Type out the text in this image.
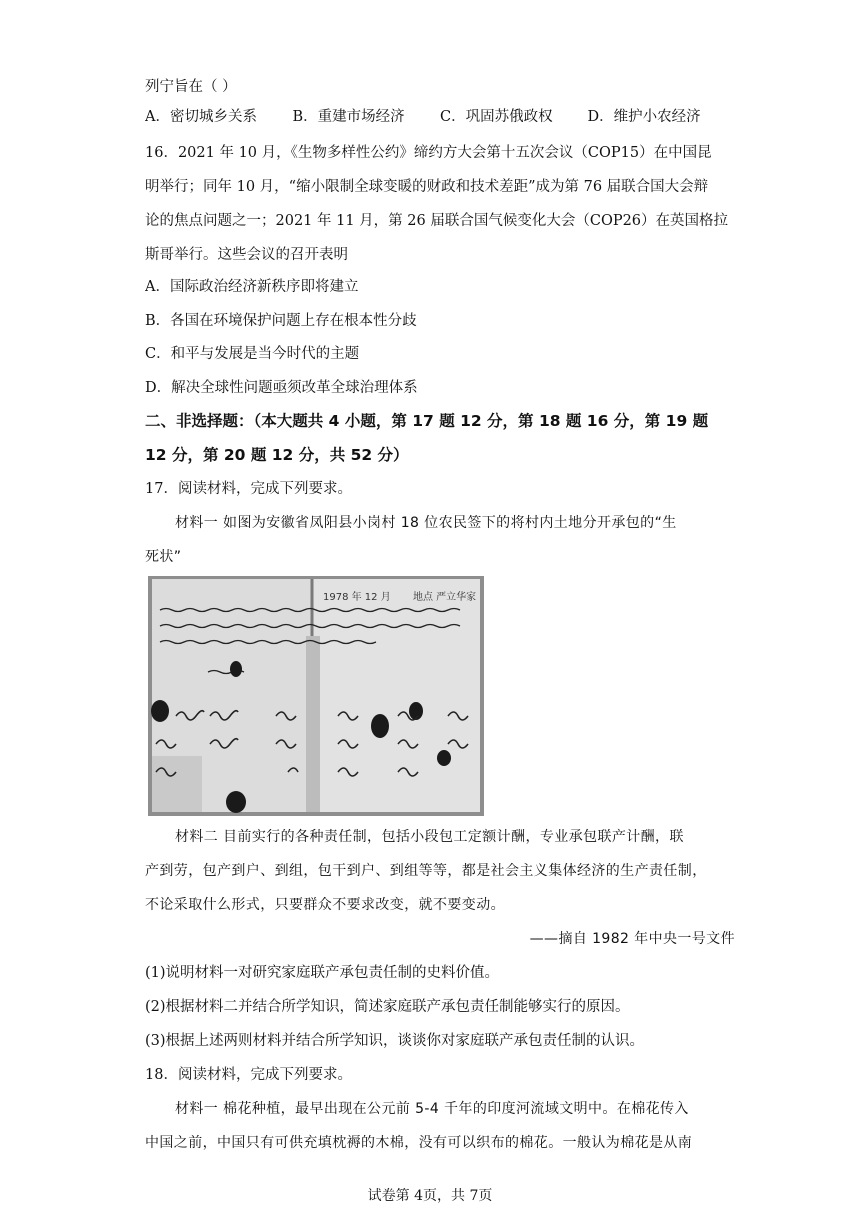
列宁旨在（ ）
A．密切城乡关系	B．重建市场经济	C．巩固苏俄政权	D．维护小农经济
16．2021 年 10 月，《生物多样性公约》缔约方大会第十五次会议（COP15）在中国昆
明举行；同年 10 月，“缩小限制全球变暖的财政和技术差距”成为第 76 届联合国大会辩
论的焦点问题之一；2021 年 11 月，第 26 届联合国气候变化大会（COP26）在英国格拉
斯哥举行。这些会议的召开表明
A．国际政治经济新秩序即将建立
B．各国在环境保护问题上存在根本性分歧
C．和平与发展是当今时代的主题
D．解决全球性问题亟须改革全球治理体系
二、非选择题：（本大题共 4 小题，第 17 题 12 分，第 18 题 16 分，第 19 题
12 分，第 20 题 12 分，共 52 分）
17．阅读材料，完成下列要求。
材料一 如图为安徽省凤阳县小岗村 18 位农民签下的将村内土地分开承包的“生
死状”
1978 年 12 月 地点 严立华家
材料二 目前实行的各种责任制，包括小段包工定额计酬，专业承包联产计酬，联
产到劳，包产到户、到组，包干到户、到组等等，都是社会主义集体经济的生产责任制，
不论采取什么形式，只要群众不要求改变，就不要变动。
——摘自 1982 年中央一号文件
(1)说明材料一对研究家庭联产承包责任制的史料价值。
(2)根据材料二并结合所学知识，简述家庭联产承包责任制能够实行的原因。
(3)根据上述两则材料并结合所学知识，谈谈你对家庭联产承包责任制的认识。
18．阅读材料，完成下列要求。
材料一 棉花种植，最早出现在公元前 5-4 千年的印度河流域文明中。在棉花传入
中国之前，中国只有可供充填枕褥的木棉，没有可以织布的棉花。一般认为棉花是从南
试卷第 4页，共 7页
